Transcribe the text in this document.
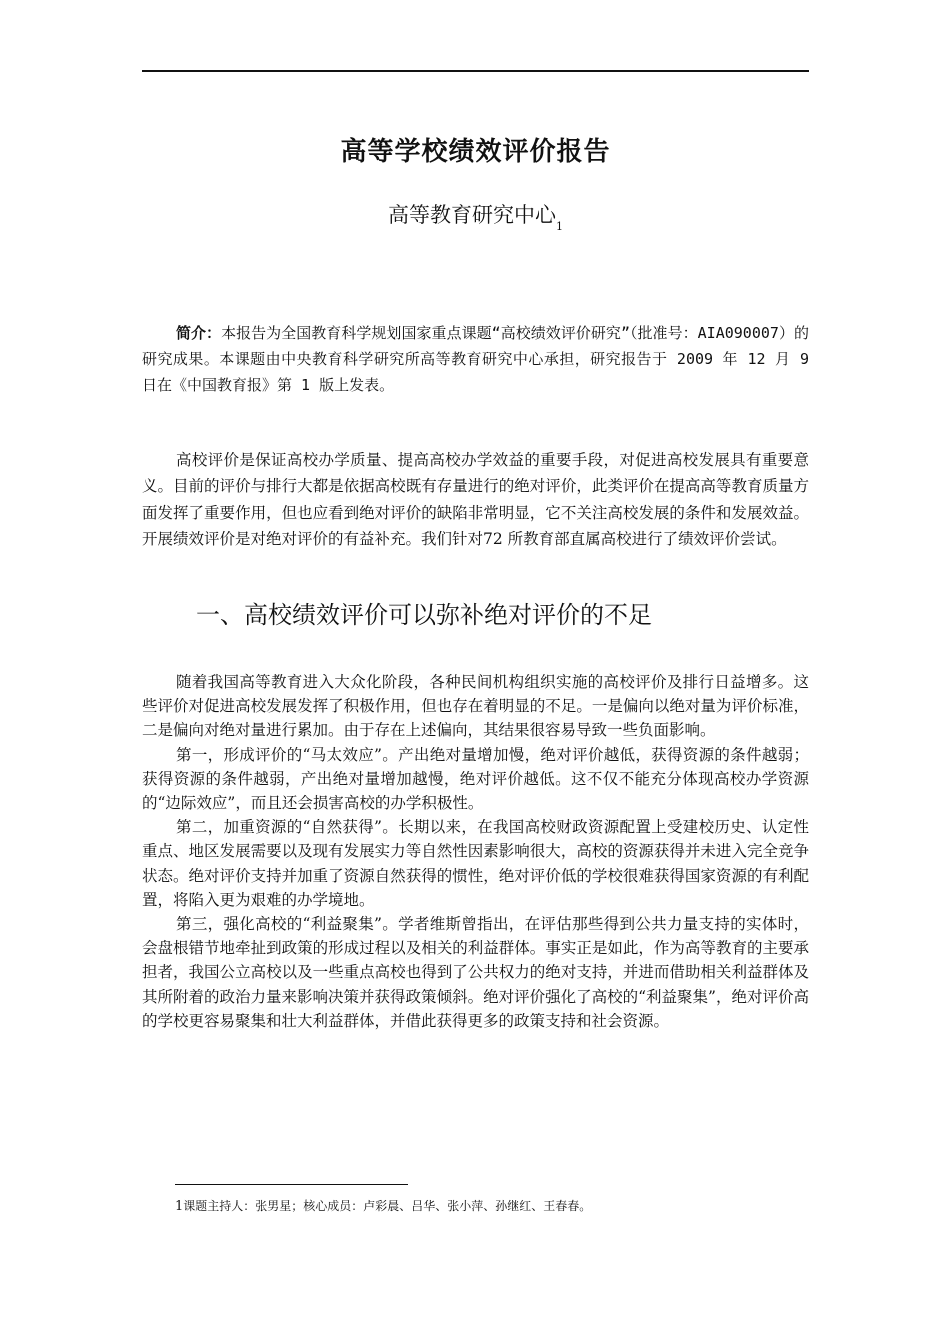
高等学校绩效评价报告
高等教育研究中心$_1$
简介：本报告为全国教育科学规划国家重点课题“高校绩效评价研究”（批准号：AIA090007）的研究成果。本课题由中央教育科学研究所高等教育研究中心承担，研究报告于 2009 年 12 月 9 日在《中国教育报》第 1 版上发表。
高校评价是保证高校办学质量、提高高校办学效益的重要手段，对促进高校发展具有重要意义。目前的评价与排行大都是依据高校既有存量进行的绝对评价，此类评价在提高高等教育质量方面发挥了重要作用，但也应看到绝对评价的缺陷非常明显，它不关注高校发展的条件和发展效益。开展绩效评价是对绝对评价的有益补充。我们针对72 所教育部直属高校进行了绩效评价尝试。
一、高校绩效评价可以弥补绝对评价的不足

随着我国高等教育进入大众化阶段，各种民间机构组织实施的高校评价及排行日益增多。这些评价对促进高校发展发挥了积极作用，但也存在着明显的不足。一是偏向以绝对量为评价标准，二是偏向对绝对量进行累加。由于存在上述偏向，其结果很容易导致一些负面影响。

第一，形成评价的“马太效应”。产出绝对量增加慢，绝对评价越低，获得资源的条件越弱；获得资源的条件越弱，产出绝对量增加越慢，绝对评价越低。这不仅不能充分体现高校办学资源的“边际效应”，而且还会损害高校的办学积极性。

第二，加重资源的“自然获得”。长期以来，在我国高校财政资源配置上受建校历史、认定性重点、地区发展需要以及现有发展实力等自然性因素影响很大，高校的资源获得并未进入完全竞争状态。绝对评价支持并加重了资源自然获得的惯性，绝对评价低的学校很难获得国家资源的有利配置，将陷入更为艰难的办学境地。

第三，强化高校的“利益聚集”。学者维斯曾指出，在评估那些得到公共力量支持的实体时，会盘根错节地牵扯到政策的形成过程以及相关的利益群体。事实正是如此，作为高等教育的主要承担者，我国公立高校以及一些重点高校也得到了公共权力的绝对支持，并进而借助相关利益群体及其所附着的政治力量来影响决策并获得政策倾斜。绝对评价强化了高校的“利益聚集”，绝对评价高的学校更容易聚集和壮大利益群体，并借此获得更多的政策支持和社会资源。

1课题主持人：张男星；核心成员：卢彩晨、吕华、张小萍、孙继红、王春春。
